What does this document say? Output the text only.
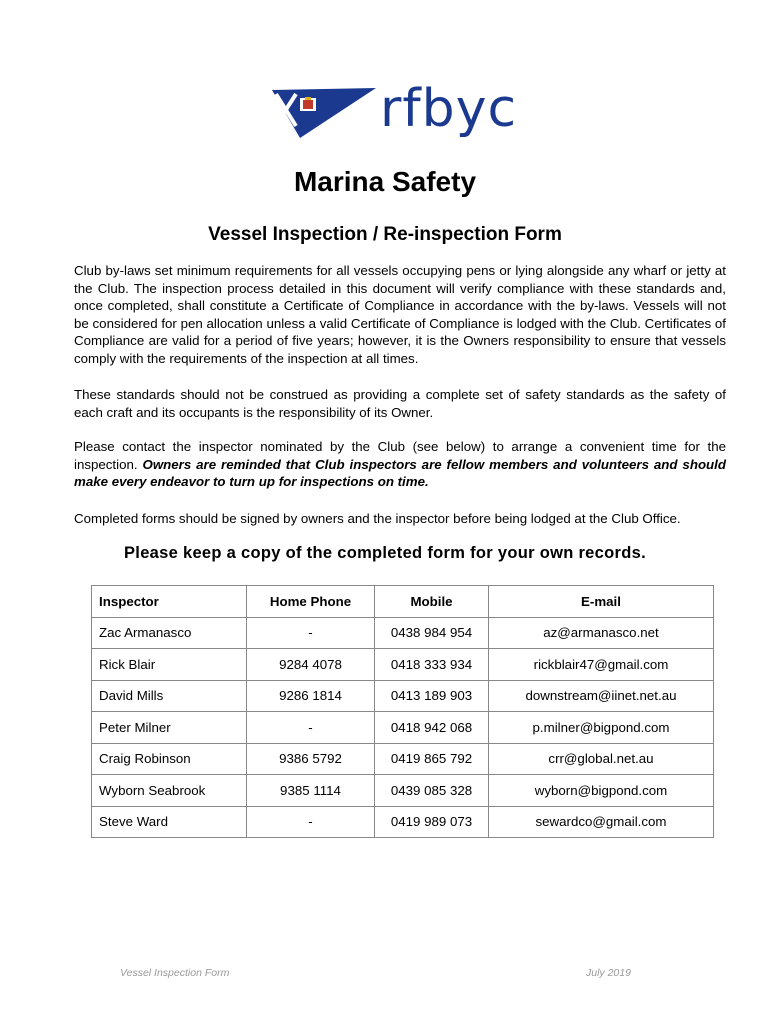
rfbyc
Marina Safety
Vessel Inspection / Re-inspection Form
Club by-laws set minimum requirements for all vessels occupying pens or lying alongside any wharf or jetty at the Club. The inspection process detailed in this document will verify compliance with these standards and, once completed, shall constitute a Certificate of Compliance in accordance with the by-laws. Vessels will not be considered for pen allocation unless a valid Certificate of Compliance is lodged with the Club. Certificates of Compliance are valid for a period of five years; however, it is the Owners responsibility to ensure that vessels comply with the requirements of the inspection at all times.
These standards should not be construed as providing a complete set of safety standards as the safety of each craft and its occupants is the responsibility of its Owner.
Please contact the inspector nominated by the Club (see below) to arrange a convenient time for the inspection. Owners are reminded that Club inspectors are fellow members and volunteers and should make every endeavor to turn up for inspections on time.
Completed forms should be signed by owners and the inspector before being lodged at the Club Office.
Please keep a copy of the completed form for your own records.
Inspector	Home Phone	Mobile	E-mail
Zac Armanasco	-	0438 984 954	az@armanasco.net
Rick Blair	9284 4078	0418 333 934	rickblair47@gmail.com
David Mills	9286 1814	0413 189 903	downstream@iinet.net.au
Peter Milner	-	0418 942 068	p.milner@bigpond.com
Craig Robinson	9386 5792	0419 865 792	crr@global.net.au
Wyborn Seabrook	9385 1114	0439 085 328	wyborn@bigpond.com
Steve Ward	-	0419 989 073	sewardco@gmail.com
Vessel Inspection Form	July 2019
